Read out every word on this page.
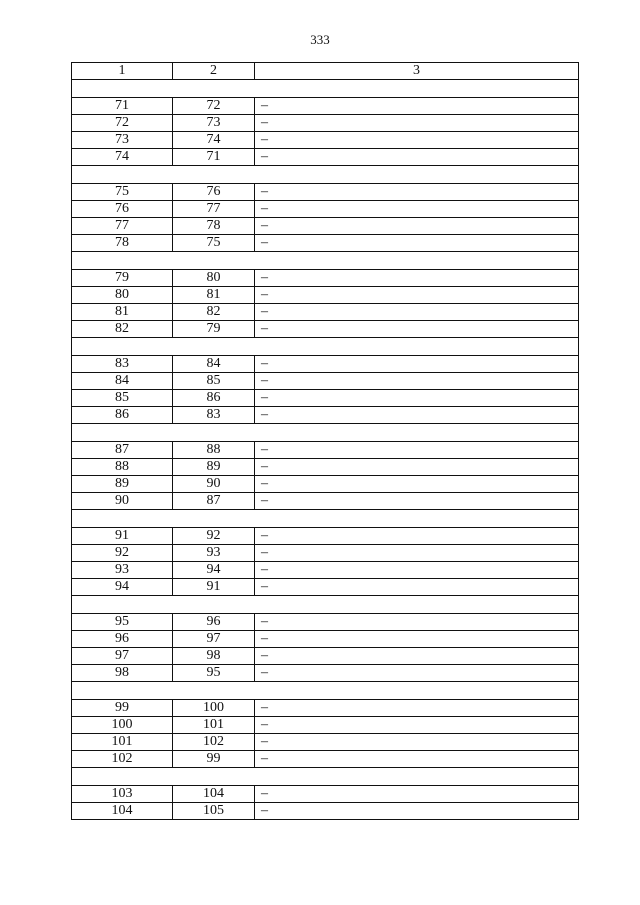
333
1	2	3

71	72	–
72	73	–
73	74	–
74	71	–

75	76	–
76	77	–
77	78	–
78	75	–

79	80	–
80	81	–
81	82	–
82	79	–

83	84	–
84	85	–
85	86	–
86	83	–

87	88	–
88	89	–
89	90	–
90	87	–

91	92	–
92	93	–
93	94	–
94	91	–

95	96	–
96	97	–
97	98	–
98	95	–

99	100	–
100	101	–
101	102	–
102	99	–

103	104	–
104	105	–
